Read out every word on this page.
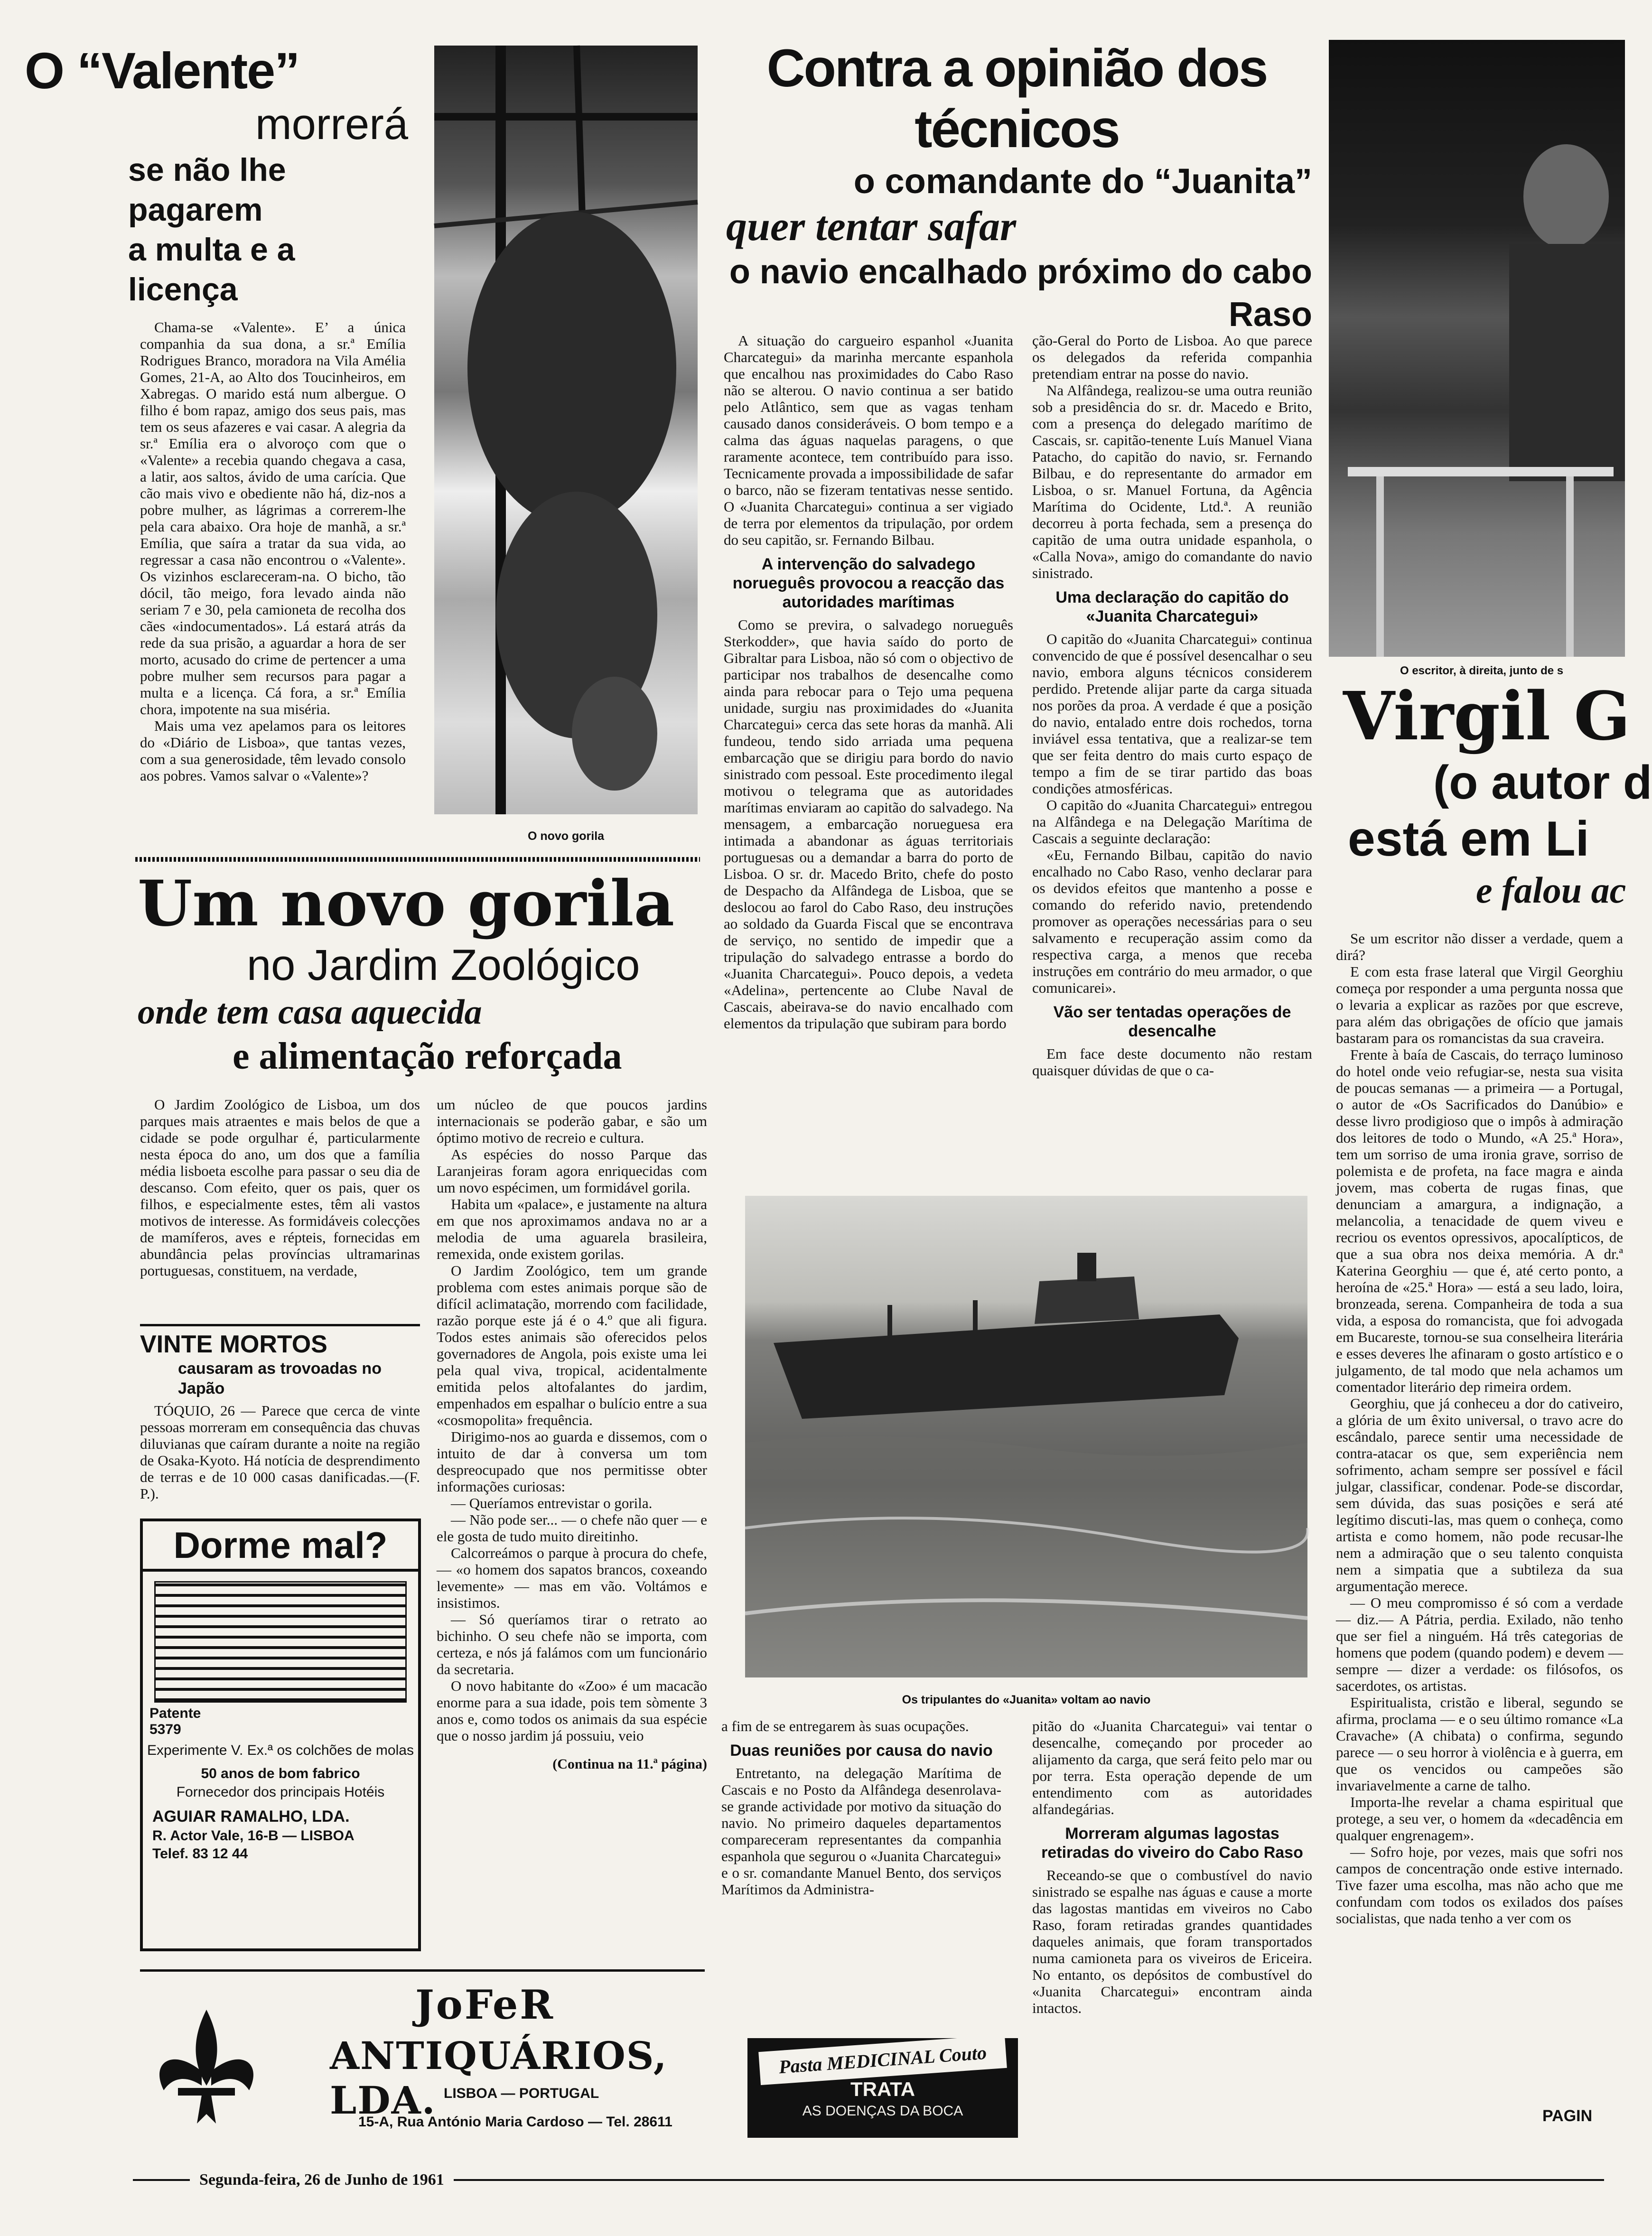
O “Valente”
morrerá
se não lhe pagarem
a multa e a licença

Chama-se «Valente». E’ a única companhia da sua dona, a sr.ª Emília Rodrigues Branco, moradora na Vila Amélia Gomes, 21-A, ao Alto dos Toucinheiros, em Xabregas. O marido está num albergue. O filho é bom rapaz, amigo dos seus pais, mas tem os seus afazeres e vai casar. A alegria da sr.ª Emília era o alvoroço com que o «Valente» a recebia quando chegava a casa, a latir, aos saltos, ávido de uma carícia. Que cão mais vivo e obediente não há, diz-nos a pobre mulher, as lágrimas a correrem-lhe pela cara abaixo. Ora hoje de manhã, a sr.ª Emília, que saíra a tratar da sua vida, ao regressar a casa não encontrou o «Valente». Os vizinhos esclareceram-na. O bicho, tão dócil, tão meigo, fora levado ainda não seriam 7 e 30, pela camioneta de recolha dos cães «indocumentados». Lá estará atrás da rede da sua prisão, a aguardar a hora de ser morto, acusado do crime de pertencer a uma pobre mulher sem recursos para pagar a multa e a licença. Cá fora, a sr.ª Emília chora, impotente na sua miséria.

Mais uma vez apelamos para os leitores do «Diário de Lisboa», que tantas vezes, com a sua generosidade, têm levado consolo aos pobres. Vamos salvar o «Valente»?

O novo gorila
Um novo gorila
no Jardim Zoológico
onde tem casa aquecida
e alimentação reforçada

O Jardim Zoológico de Lisboa, um dos parques mais atraentes e mais belos de que a cidade se pode orgulhar é, particularmente nesta época do ano, um dos que a família média lisboeta escolhe para passar o seu dia de descanso. Com efeito, quer os pais, quer os filhos, e especialmente estes, têm ali vastos motivos de interesse. As formidáveis colecções de mamíferos, aves e répteis, fornecidas em abundância pelas províncias ultramarinas portuguesas, constituem, na verdade,

um núcleo de que poucos jardins internacionais se poderão gabar, e são um óptimo motivo de recreio e cultura.

As espécies do nosso Parque das Laranjeiras foram agora enriquecidas com um novo espécimen, um formidável gorila.

Habita um «palace», e justamente na altura em que nos aproximamos andava no ar a melodia de uma aguarela brasileira, remexida, onde existem gorilas.

O Jardim Zoológico, tem um grande problema com estes animais porque são de difícil aclimatação, morrendo com facilidade, razão porque este já é o 4.º que ali figura. Todos estes animais são oferecidos pelos governadores de Angola, pois existe uma lei pela qual viva, tropical, acidentalmente emitida pelos altofalantes do jardim, empenhados em espalhar o bulício entre a sua «cosmopolita» frequência.

Dirigimo-nos ao guarda e dissemos, com o intuito de dar à conversa um tom despreocupado que nos permitisse obter informações curiosas:

— Queríamos entrevistar o gorila.

— Não pode ser... — o chefe não quer — e ele gosta de tudo muito direitinho.

Calcorreámos o parque à procura do chefe, — «o homem dos sapatos brancos, coxeando levemente» — mas em vão. Voltámos e insistimos.

— Só queríamos tirar o retrato ao bichinho. O seu chefe não se importa, com certeza, e nós já falámos com um funcionário da secretaria.

O novo habitante do «Zoo» é um macacão enorme para a sua idade, pois tem sòmente 3 anos e, como todos os animais da sua espécie que o nosso jardim já possuiu, veio

(Continua na 11.ª página)
VINTE MORTOS
causaram as trovoadas no Japão

TÓQUIO, 26 — Parece que cerca de vinte pessoas morreram em consequência das chuvas diluvianas que caíram durante a noite na região de Osaka-Kyoto. Há notícia de desprendimento de terras e de 10 000 casas danificadas.—(F. P.).

Dorme mal?
Patente
5379
Experimente V. Ex.ª os colchões de molas
50 anos de bom fabrico
Fornecedor dos principais Hotéis
AGUIAR RAMALHO, LDA.
R. Actor Vale, 16-B — LISBOA
Telef. 83 12 44
JoFeR
ANTIQUÁRIOS, LDA. LISBOA — PORTUGAL
15-A, Rua António Maria Cardoso — Tel. 28611
Contra a opinião dos técnicos
o comandante do “Juanita”
quer tentar safar
o navio encalhado próximo do cabo Raso

A situação do cargueiro espanhol «Juanita Charcategui» da marinha mercante espanhola que encalhou nas proximidades do Cabo Raso não se alterou. O navio continua a ser batido pelo Atlântico, sem que as vagas tenham causado danos consideráveis. O bom tempo e a calma das águas naquelas paragens, o que raramente acontece, tem contribuído para isso. Tecnicamente provada a impossibilidade de safar o barco, não se fizeram tentativas nesse sentido. O «Juanita Charcategui» continua a ser vigiado de terra por elementos da tripulação, por ordem do seu capitão, sr. Fernando Bilbau.

A intervenção do salvadego norueguês provocou a reacção das autoridades marítimas

Como se previra, o salvadego norueguês Sterkodder», que havia saído do porto de Gibraltar para Lisboa, não só com o objectivo de participar nos trabalhos de desencalhe como ainda para rebocar para o Tejo uma pequena unidade, surgiu nas proximidades do «Juanita Charcategui» cerca das sete horas da manhã. Ali fundeou, tendo sido arriada uma pequena embarcação que se dirigiu para bordo do navio sinistrado com pessoal. Este procedimento ilegal motivou o telegrama que as autoridades marítimas enviaram ao capitão do salvadego. Na mensagem, a embarcação norueguesa era intimada a abandonar as águas territoriais portuguesas ou a demandar a barra do porto de Lisboa. O sr. dr. Macedo Brito, chefe do posto de Despacho da Alfândega de Lisboa, que se deslocou ao farol do Cabo Raso, deu instruções ao soldado da Guarda Fiscal que se encontrava de serviço, no sentido de impedir que a tripulação do salvadego entrasse a bordo do «Juanita Charcategui». Pouco depois, a vedeta «Adelina», pertencente ao Clube Naval de Cascais, abeirava-se do navio encalhado com elementos da tripulação que subiram para bordo

ção-Geral do Porto de Lisboa. Ao que parece os delegados da referida companhia pretendiam entrar na posse do navio.

Na Alfândega, realizou-se uma outra reunião sob a presidência do sr. dr. Macedo e Brito, com a presença do delegado marítimo de Cascais, sr. capitão-tenente Luís Manuel Viana Patacho, do capitão do navio, sr. Fernando Bilbau, e do representante do armador em Lisboa, o sr. Manuel Fortuna, da Agência Marítima do Ocidente, Ltd.ª. A reunião decorreu à porta fechada, sem a presença do capitão de uma outra unidade espanhola, o «Calla Nova», amigo do comandante do navio sinistrado.

Uma declaração do capitão do «Juanita Charcategui»

O capitão do «Juanita Charcategui» continua convencido de que é possível desencalhar o seu navio, embora alguns técnicos considerem perdido. Pretende alijar parte da carga situada nos porões da proa. A verdade é que a posição do navio, entalado entre dois rochedos, torna inviável essa tentativa, que a realizar-se tem que ser feita dentro do mais curto espaço de tempo a fim de se tirar partido das boas condições atmosféricas.

O capitão do «Juanita Charcategui» entregou na Alfândega e na Delegação Marítima de Cascais a seguinte declaração:

«Eu, Fernando Bilbau, capitão do navio encalhado no Cabo Raso, venho declarar para os devidos efeitos que mantenho a posse e comando do referido navio, pretendendo promover as operações necessárias para o seu salvamento e recuperação assim como da respectiva carga, a menos que receba instruções em contrário do meu armador, o que comunicarei».

Vão ser tentadas operações de desencalhe

Em face deste documento não restam quaisquer dúvidas de que o ca-

Os tripulantes do «Juanita» voltam ao navio

a fim de se entregarem às suas ocupações.

Duas reuniões por causa do navio

Entretanto, na delegação Marítima de Cascais e no Posto da Alfândega desenrolava-se grande actividade por motivo da situação do navio. No primeiro daqueles departamentos compareceram representantes da companhia espanhola que segurou o «Juanita Charcategui» e o sr. comandante Manuel Bento, dos serviços Marítimos da Administra-

pitão do «Juanita Charcategui» vai tentar o desencalhe, começando por proceder ao alijamento da carga, que será feito pelo mar ou por terra. Esta operação depende de um entendimento com as autoridades alfandegárias.

Morreram algumas lagostas retiradas do viveiro do Cabo Raso

Receando-se que o combustível do navio sinistrado se espalhe nas águas e cause a morte das lagostas mantidas em viveiros no Cabo Raso, foram retiradas grandes quantidades daqueles animais, que foram transportados numa camioneta para os viveiros de Ericeira. No entanto, os depósitos de combustível do «Juanita Charcategui» encontram ainda intactos.

Pasta MEDICINAL Couto
TRATA
AS DOENÇAS DA BOCA
O escritor, à direita, junto de s
Virgil G
(o autor d
está em Li
e falou ac

Se um escritor não disser a verdade, quem a dirá?

E com esta frase lateral que Virgil Georghiu começa por responder a uma pergunta nossa que o levaria a explicar as razões por que escreve, para além das obrigações de ofício que jamais bastaram para os romancistas da sua craveira.

Frente à baía de Cascais, do terraço luminoso do hotel onde veio refugiar-se, nesta sua visita de poucas semanas — a primeira — a Portugal, o autor de «Os Sacrificados do Danúbio» e desse livro prodigioso que o impôs à admiração dos leitores de todo o Mundo, «A 25.ª Hora», tem um sorriso de uma ironia grave, sorriso de polemista e de profeta, na face magra e ainda jovem, mas coberta de rugas finas, que denunciam a amargura, a indignação, a melancolia, a tenacidade de quem viveu e recriou os eventos opressivos, apocalípticos, de que a sua obra nos deixa memória. A dr.ª Katerina Georghiu — que é, até certo ponto, a heroína de «25.ª Hora» — está a seu lado, loira, bronzeada, serena. Companheira de toda a sua vida, a esposa do romancista, que foi advogada em Bucareste, tornou-se sua conselheira literária e esses deveres lhe afinaram o gosto artístico e o julgamento, de tal modo que nela achamos um comentador literário dep rimeira ordem.

Georghiu, que já conheceu a dor do cativeiro, a glória de um êxito universal, o travo acre do escândalo, parece sentir uma necessidade de contra-atacar os que, sem experiência nem sofrimento, acham sempre ser possível e fácil julgar, classificar, condenar. Pode-se discordar, sem dúvida, das suas posições e será até legítimo discuti-las, mas quem o conheça, como artista e como homem, não pode recusar-lhe nem a admiração que o seu talento conquista nem a simpatia que a subtileza da sua argumentação merece.

— O meu compromisso é só com a verdade — diz.— A Pátria, perdia. Exilado, não tenho que ser fiel a ninguém. Há três categorias de homens que podem (quando podem) e devem — sempre — dizer a verdade: os filósofos, os sacerdotes, os artistas.

Espiritualista, cristão e liberal, segundo se afirma, proclama — e o seu último romance «La Cravache» (A chibata) o confirma, segundo parece — o seu horror à violência e à guerra, em que os vencidos ou campeões são invariavelmente a carne de talho.

Importa-lhe revelar a chama espiritual que protege, a seu ver, o homem da «decadência em qualquer engrenagem».

— Sofro hoje, por vezes, mais que sofri nos campos de concentração onde estive internado. Tive fazer uma escolha, mas não acho que me confundam com todos os exilados dos países socialistas, que nada tenho a ver com os

PAGIN
Segunda-feira, 26 de Junho de 1961
